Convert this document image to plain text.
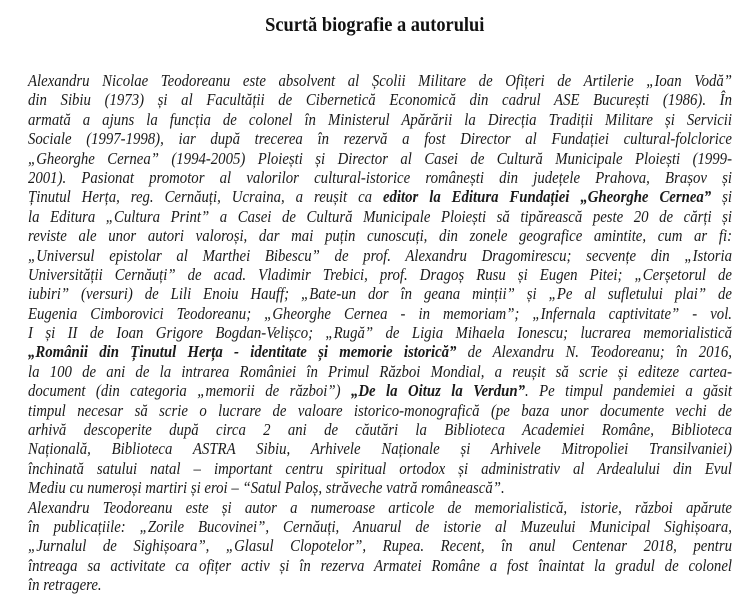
Scurtă biografie a autorului
Alexandru Nicolae Teodoreanu este absolvent al Școlii Militare de Ofițeri de Artilerie „Ioan Vodă”
din Sibiu (1973) și al Facultății de Cibernetică Economică din cadrul ASE București (1986). În
armată a ajuns la funcția de colonel în Ministerul Apărării la Direcția Tradiții Militare și Servicii
Sociale (1997-1998), iar după trecerea în rezervă a fost Director al Fundației cultural-folclorice
„Gheorghe Cernea” (1994-2005) Ploiești și Director al Casei de Cultură Municipale Ploiești (1999-
2001). Pasionat promotor al valorilor cultural-istorice românești din județele Prahova, Brașov și
Ținutul Herța, reg. Cernăuți, Ucraina, a reușit ca editor la Editura Fundației „Gheorghe Cernea” și
la Editura „Cultura Print” a Casei de Cultură Municipale Ploiești să tipărească peste 20 de cărți și
reviste ale unor autori valoroși, dar mai puțin cunoscuți, din zonele geografice amintite, cum ar fi:
„Universul epistolar al Marthei Bibescu” de prof. Alexandru Dragomirescu; secvențe din „Istoria
Universității Cernăuți” de acad. Vladimir Trebici, prof. Dragoș Rusu și Eugen Pitei; „Cerșetorul de
iubiri” (versuri) de Lili Enoiu Hauff; „Bate-un dor în geana minții” și „Pe al sufletului plai” de
Eugenia Cimborovici Teodoreanu; „Gheorghe Cernea - in memoriam”; „Infernala captivitate” - vol.
I și II de Ioan Grigore Bogdan-Velișco; „Rugă” de Ligia Mihaela Ionescu; lucrarea memorialistică
„Românii din Ținutul Herța - identitate și memorie istorică” de Alexandru N. Teodoreanu; în 2016,
la 100 de ani de la intrarea României în Primul Război Mondial, a reușit să scrie și editeze cartea-
document (din categoria „memorii de război”) „De la Oituz la Verdun”. Pe timpul pandemiei a găsit
timpul necesar să scrie o lucrare de valoare istorico-monografică (pe baza unor documente vechi de
arhivă descoperite după circa 2 ani de căutări la Biblioteca Academiei Române, Biblioteca
Națională, Biblioteca ASTRA Sibiu, Arhivele Naționale și Arhivele Mitropoliei Transilvaniei)
închinată satului natal – important centru spiritual ortodox și administrativ al Ardealului din Evul
Mediu cu numeroși martiri și eroi – “Satul Paloș, străveche vatră românească”.
Alexandru Teodoreanu este și autor a numeroase articole de memorialistică, istorie, război apărute
în publicațiile: „Zorile Bucovinei”, Cernăuți, Anuarul de istorie al Muzeului Municipal Sighișoara,
„Jurnalul de Sighișoara”, „Glasul Clopotelor”, Rupea. Recent, în anul Centenar 2018, pentru
întreaga sa activitate ca ofițer activ și în rezerva Armatei Române a fost înaintat la gradul de colonel
în retragere.
